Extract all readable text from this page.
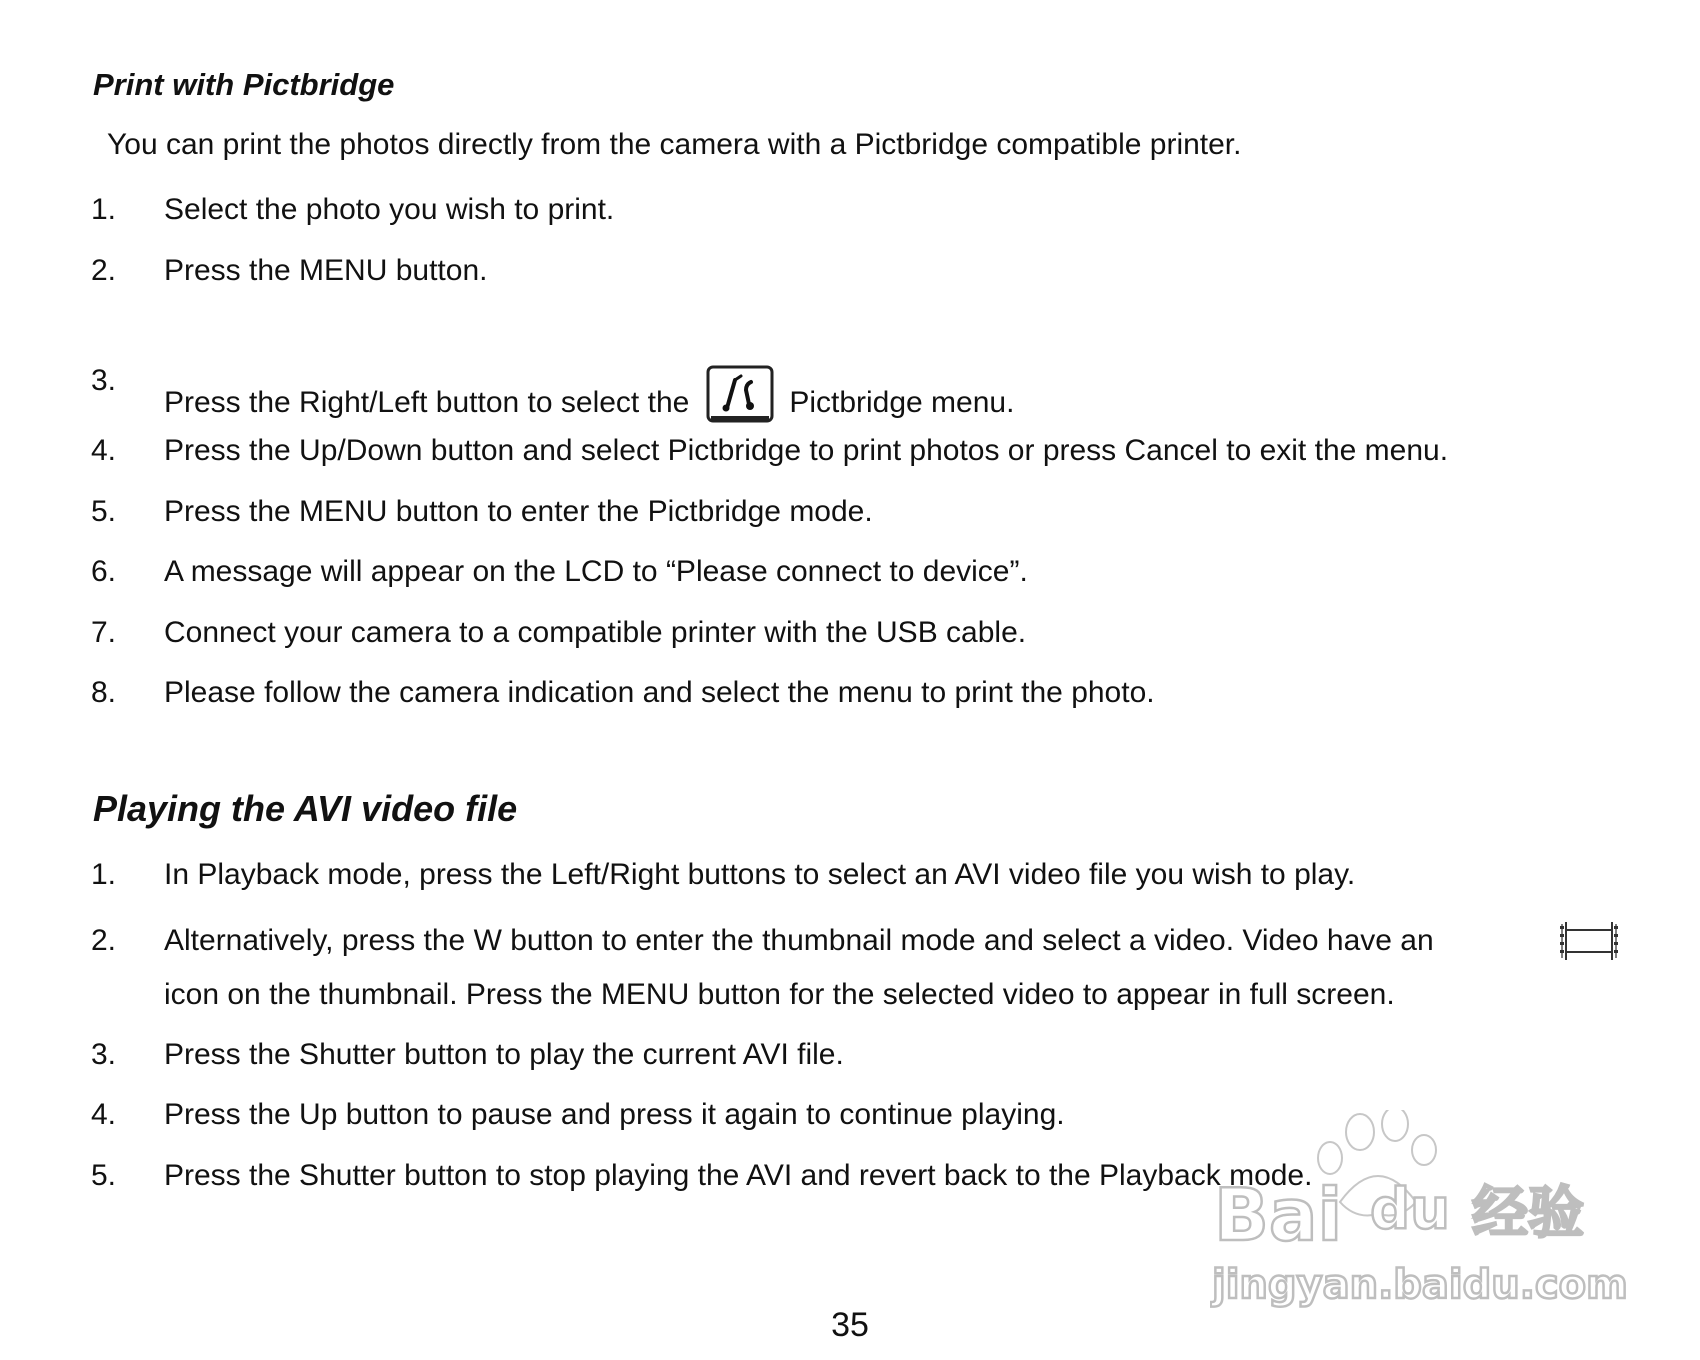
Print with Pictbridge
You can print the photos directly from the camera with a Pictbridge compatible printer.
1. Select the photo you wish to print.
2. Press the MENU button.
3.
Press the Right/Left button to select the	Pictbridge menu.
4. Press the Up/Down button and select Pictbridge to print photos or press Cancel to exit the menu.
5. Press the MENU button to enter the Pictbridge mode.
6. A message will appear on the LCD to “Please connect to device”.
7. Connect your camera to a compatible printer with the USB cable.
8. Please follow the camera indication and select the menu to print the photo.
Playing the AVI video file
1. In Playback mode, press the Left/Right buttons to select an AVI video file you wish to play.
2. Alternatively, press the W button to enter the thumbnail mode and select a video. Video have an
icon on the thumbnail. Press the MENU button for the selected video to appear in full screen.
3. Press the Shutter button to play the current AVI file.
4. Press the Up button to pause and press it again to continue playing.
5. Press the Shutter button to stop playing the AVI and revert back to the Playback mode.
Bai du 经验
jingyan.baidu.com
35
